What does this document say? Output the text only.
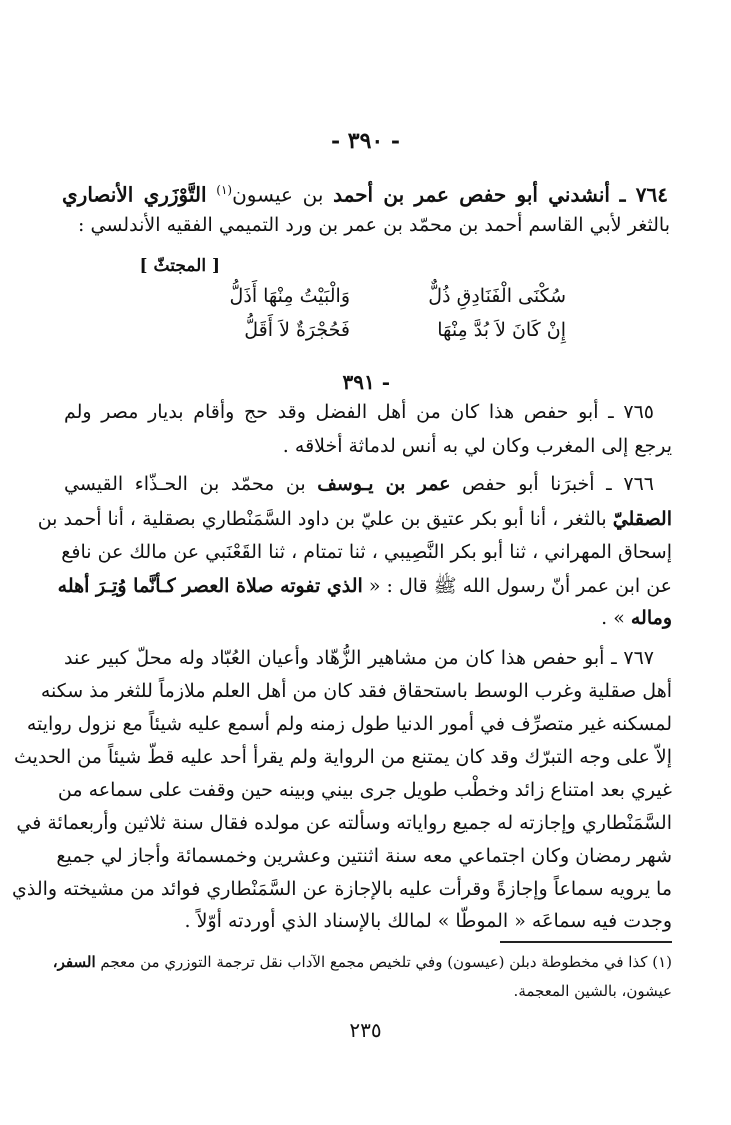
- ٣٩٠ -
٧٦٤ ـ أنشدني أبو حفص عمر بن أحمد بن عيسون$^{(١)}$ التَّوْزَري الأنصاري
بالثغر لأبي القاسم أحمد بن محمّد بن عمر بن ورد التميمي الفقيه الأندلسي :
[ المجتثّ ]
سُكْنَى الْفَنَادِقِ ذُلٌّ
وَالْبَيْتُ مِنْهَا أَذَلُّ
إِنْ كَانَ لاَ بُدَّ مِنْهَا
فَحُجْرَةٌ لاَ أَقَلُّ
- ٣٩١
٧٦٥ ـ أبو حفص هذا كان من أهل الفضل وقد حج وأقام بديار مصر ولم
يرجع إلى المغرب وكان لي به أنس لدماثة أخلاقه .
٧٦٦ ـ أخبرَنا أبو حفص عمر بن يـوسف بن محمّد بن الحـذّاء القيسي
الصقليّ بالثغر ، أنا أبو بكر عتيق بن عليّ بن داود السَّمَنْطاري بصقلية ، أنا أحمد بن
إسحاق المهراني ، ثنا أبو بكر النَّصِيبي ، ثنا تمتام ، ثنا القَعْنَبي عن مالك عن نافع
عن ابن عمر أنّ رسول الله ﷺ قال : « الذي تفوته صلاة العصر كـأنَّما وُتِـرَ أهله
وماله » .
٧٦٧ ـ أبو حفص هذا كان من مشاهير الزُّهّاد وأعيان العُبّاد وله محلّ كبير عند
أهل صقلية وغرب الوسط باستحقاق فقد كان من أهل العلم ملازماً للثغر مذ سكنه
لمسكنه غير متصرِّف في أمور الدنيا طول زمنه ولم أسمع عليه شيئاً مع نزول روايته
إلاّ على وجه التبرّك وقد كان يمتنع من الرواية ولم يقرأ أحد عليه قطّ شيئاً من الحديث
غيري بعد امتناع زائد وخطْب طويل جرى بيني وبينه حين وقفت على سماعه من
السَّمَنْطاري وإجازته له جميع رواياته وسألته عن مولده فقال سنة ثلاثين وأربعمائة في
شهر رمضان وكان اجتماعي معه سنة اثنتين وعشرين وخمسمائة وأجاز لي جميع
ما يرويه سماعاً وإجازةً وقرأت عليه بالإجازة عن السَّمَنْطاري فوائد من مشيخته والذي
وجدت فيه سماعَه « الموطّا » لمالك بالإسناد الذي أوردته أوّلاً .
(١) كذا في مخطوطة دبلن (عيسون) وفي تلخيص مجمع الآداب نقل ترجمة التوزري من معجم السفر،
عيشون، بالشين المعجمة.
٢٣٥
